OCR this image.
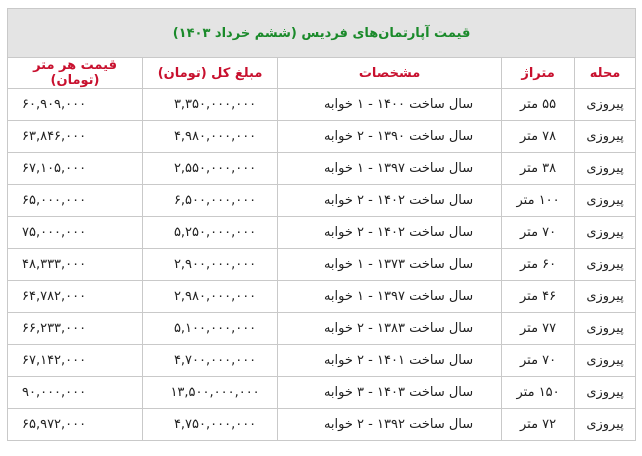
قیمت آپارتمان‌های فردیس (ششم خرداد ۱۴۰۳)				
محله	متراژ	مشخصات	مبلغ کل (تومان)	قیمت هر متر (تومان)
پیروزی	۵۵ متر	سال ساخت ۱۴۰۰ - ۱ خوابه	۳,۳۵۰,۰۰۰,۰۰۰	۶۰,۹۰۹,۰۰۰
پیروزی	۷۸ متر	سال ساخت ۱۳۹۰ - ۲ خوابه	۴,۹۸۰,۰۰۰,۰۰۰	۶۳,۸۴۶,۰۰۰
پیروزی	۳۸ متر	سال ساخت ۱۳۹۷ - ۱ خوابه	۲,۵۵۰,۰۰۰,۰۰۰	۶۷,۱۰۵,۰۰۰
پیروزی	۱۰۰ متر	سال ساخت ۱۴۰۲ - ۲ خوابه	۶,۵۰۰,۰۰۰,۰۰۰	۶۵,۰۰۰,۰۰۰
پیروزی	۷۰ متر	سال ساخت ۱۴۰۲ - ۲ خوابه	۵,۲۵۰,۰۰۰,۰۰۰	۷۵,۰۰۰,۰۰۰
پیروزی	۶۰ متر	سال ساخت ۱۳۷۳ - ۱ خوابه	۲,۹۰۰,۰۰۰,۰۰۰	۴۸,۳۳۳,۰۰۰
پیروزی	۴۶ متر	سال ساخت ۱۳۹۷ - ۱ خوابه	۲,۹۸۰,۰۰۰,۰۰۰	۶۴,۷۸۲,۰۰۰
پیروزی	۷۷ متر	سال ساخت ۱۳۸۳ - ۲ خوابه	۵,۱۰۰,۰۰۰,۰۰۰	۶۶,۲۳۳,۰۰۰
پیروزی	۷۰ متر	سال ساخت ۱۴۰۱ - ۲ خوابه	۴,۷۰۰,۰۰۰,۰۰۰	۶۷,۱۴۲,۰۰۰
پیروزی	۱۵۰ متر	سال ساخت ۱۴۰۳ - ۳ خوابه	۱۳,۵۰۰,۰۰۰,۰۰۰	۹۰,۰۰۰,۰۰۰
پیروزی	۷۲ متر	سال ساخت ۱۳۹۲ - ۲ خوابه	۴,۷۵۰,۰۰۰,۰۰۰	۶۵,۹۷۲,۰۰۰
